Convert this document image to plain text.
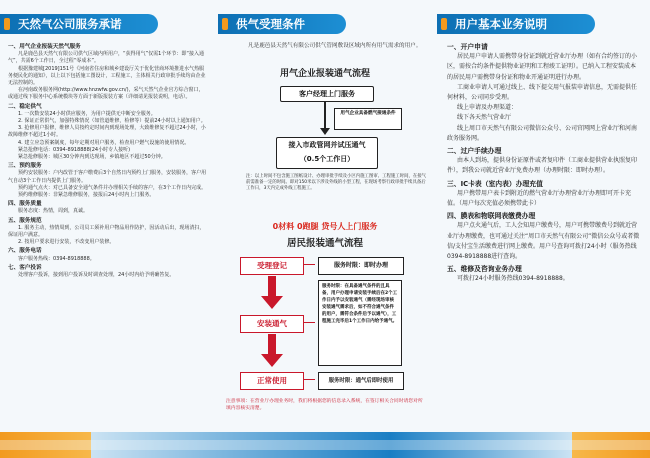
天然气公司服务承诺
一、用气企业报装天然气服务

凡是鹿邑县天然气有限公司供气区域内所用户，“获得用气”仅需1个环节：即“接入通气”，共需6个工作日，全过程“零成本”。

根据豫建城[2019]151号《河南省住房和城乡建设厅关于优化营商环境推进水气热服务便民化的通知》，以上以下包括施工图设计，工程施工，主体相关行政审批手续均由企业无法控制的。

在河南政务服务网(http://www.hnzwfw.gov.cn/)，采气天然气企业官方综合窗口，或通过线下服务中心系统模块等方面于新版报装方案（详细请见报装说明，电话）。

二、稳定供气

1. 一次数安装24小时供应服务，为用户提供无中断安全服务。

2. 保证正常供气，加强特殊情况（如管道维修，检修等）提前24小时以上通知用户。

3. 抢修用户报修，维修人员按约定时间内到现场处理，大致维修复不超过24小时，小故障维修不超过1小时。

4. 建立应急预案制度，每年定期对用户服务，检查用户燃气设施的使用情况。

紧急抢修电话：0394-8918888(24小时专人接听)

紧急抢修服务：城区30分钟内到达现场，乡镇地区不超过50分钟。

三、预约服务

预约安装服务：户内改管于客户缴费后3个自然日内预约上门服务，安装服务，客户用气自动3个工作日内提供上门服务。

预约通气点火：对已具备安全通气条件并办理相关手续的客户，在3个工作日内完成。

预约维修服务：非紧急维修服务，接报后24小时内上门服务。

四、服务质量

服务态度：热情，周到，真诚。

五、服务规范

1. 服务主动，热情周到，公司员工须补用户物品用作防护，因活动后出，现场清扫，保证用户满意。

2. 按用户要求进行安装，不改变用户装修。

六、服务电话

客户服务热线：0394-8918888。

七、客户投诉

处理客户投诉，接到用户投诉及时调查处理，24小时内给予明确答复。

供气受理条件
凡是鹿邑县天然气有限公司供气管网敷设区域内所有用气需求的用户。
用气企业报装通气流程
客户经理上门服务
用气企业具备燃气接通条件
接入市政管网并试压通气
（0.5个工作日）
注：以上时间不包含施工图纸设计、办理审批手续及小区内施工图审、工程施工时间，在接气前需准备一定的时间。即对150米以下涉及外线的小型工程，在现场考察行政审批手续具备后工作日，3天内完成外线工程施工。
0材料 0跑腿 贷号人上门服务
居民报装通气流程
受理登记	服务时限：即时办理
安装通气
服务时限：在具备通气条件的且具备，用户办理申请安装手续后在2个工作日内予以安装通气（需经现场审核安装通气需求后，如不符合通气条件的用户，需符合条件后予以通气），工程施工完毕后1个工作日内给予通气。
正常使用	服务时限：通气后即时使用
注意事项：在营业厅办理业务时，我们将根据您的信息录入系统，在签订相关合同时请您对所填内容核实清楚。
用户基本业务说明
一、开户申请

居民用户申请人需携带身份证到就近营业厅办理（如有合约签订的小区，需按合约条件提供物业证明和工程竣工证明）。已纳入工程安装成本的居民用户需携带身份证和物业开通证明进行办理。

工商业申请人可通过线上、线下提交用气报装申请信息，无需提供任何材料，公司同步受理。

线上申请及办理渠道：

线下各天然气营业厅

线上周口市天然气有限公司微信公众号、公司官网网上营业厅和河南政务服务网。

二、过户手续办理

由本人到场，提供身份证原件或者复印件（工商业提供营业执照复印件），到我公司就近营业厅免费办理（办理时限：即时办理）。

三、IC卡表（室内表）办理充值

用户携带用户表卡到附近的燃气营业厅办理营业厅办理即可开卡充值。（用户每次充值必须携带此卡）

四、膜表和物联网表缴费办理

用户点火通气后，工人会知用户缴费号，用户可携带缴费号到就近营业厅办理缴费，也可通过关注“周口市天然气有限公司”微信公众号或者微信/支付宝生活缴费进行网上缴费。用户号查询可拨打24小时（服务热线0394-8918888进行查询。

五、维修及咨询业务办理

可拨打24小时服务热线0394-8918888。
